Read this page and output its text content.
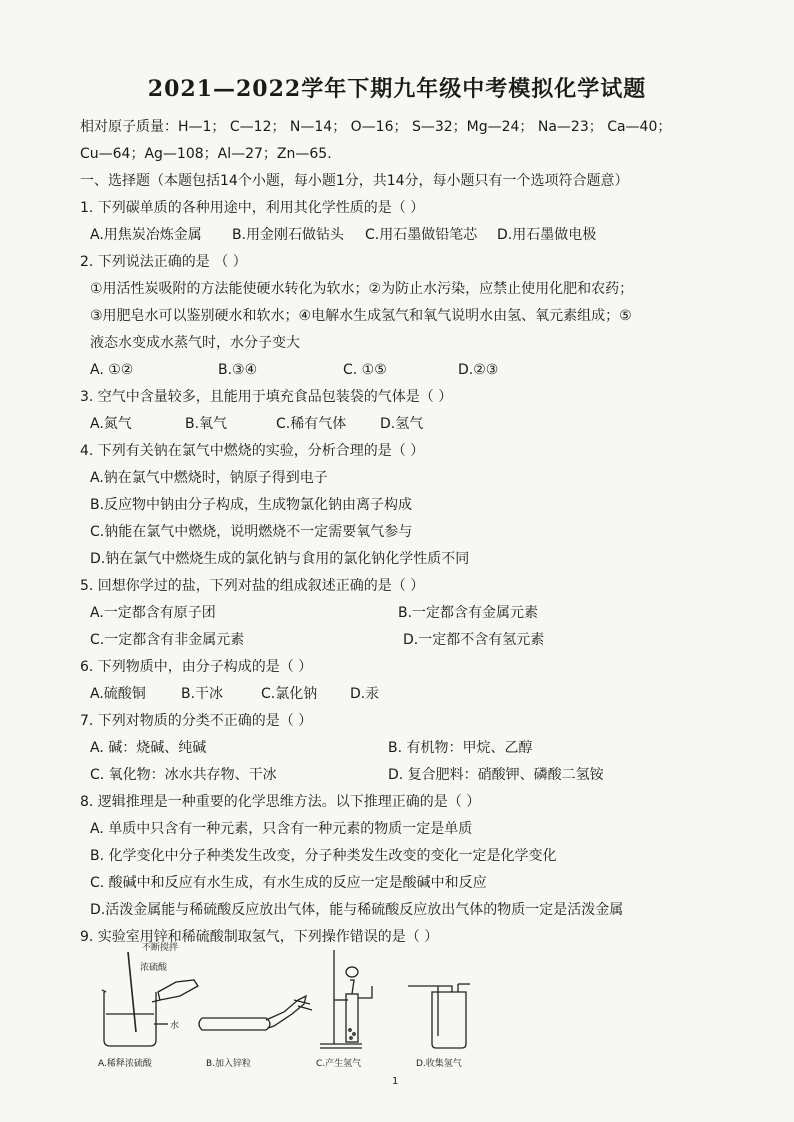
2021—2022学年下期九年级中考模拟化学试题
相对原子质量：H—1； C—12； N—14； O—16； S—32；Mg—24； Na—23； Ca—40；
Cu—64；Ag—108；Al—27；Zn—65.
一、选择题（本题包括14个小题，每小题1分，共14分，每小题只有一个选项符合题意）
1. 下列碳单质的各种用途中，利用其化学性质的是（ ）
A.用焦炭冶炼金属 B.用金刚石做钻头 C.用石墨做铅笔芯 D.用石墨做电极
2. 下列说法正确的是 （ ）
①用活性炭吸附的方法能使硬水转化为软水；②为防止水污染，应禁止使用化肥和农药；
③用肥皂水可以鉴别硬水和软水；④电解水生成氢气和氧气说明水由氢、氧元素组成；⑤
液态水变成水蒸气时，水分子变大
A. ①②	B.③④	C. ①⑤	D.②③
3. 空气中含量较多，且能用于填充食品包装袋的气体是（ ）
A.氮气	B.氧气	C.稀有气体 D.氢气
4. 下列有关钠在氯气中燃烧的实验，分析合理的是（ ）
A.钠在氯气中燃烧时，钠原子得到电子
B.反应物中钠由分子构成，生成物氯化钠由离子构成
C.钠能在氯气中燃烧，说明燃烧不一定需要氧气参与
D.钠在氯气中燃烧生成的氯化钠与食用的氯化钠化学性质不同
5. 回想你学过的盐，下列对盐的组成叙述正确的是（ ）
A.一定都含有原子团	B.一定都含有金属元素
C.一定都含有非金属元素	D.一定都不含有氢元素
6. 下列物质中，由分子构成的是（ ）
A.硫酸铜	B.干冰	C.氯化钠 D.汞
7. 下列对物质的分类不正确的是（ ）
A. 碱：烧碱、纯碱	B. 有机物：甲烷、乙醇
C. 氧化物：冰水共存物、干冰	D. 复合肥料：硝酸钾、磷酸二氢铵
8. 逻辑推理是一种重要的化学思维方法。以下推理正确的是（ ）
A. 单质中只含有一种元素，只含有一种元素的物质一定是单质
B. 化学变化中分子种类发生改变，分子种类发生改变的变化一定是化学变化
C. 酸碱中和反应有水生成，有水生成的反应一定是酸碱中和反应
D.活泼金属能与稀硫酸反应放出气体，能与稀硫酸反应放出气体的物质一定是活泼金属
9. 实验室用锌和稀硫酸制取氢气，下列操作错误的是（ ）
不断搅拌
浓硫酸
水
A.稀释浓硫酸	B.加入锌粒	C.产生氢气	D.收集氢气
1
